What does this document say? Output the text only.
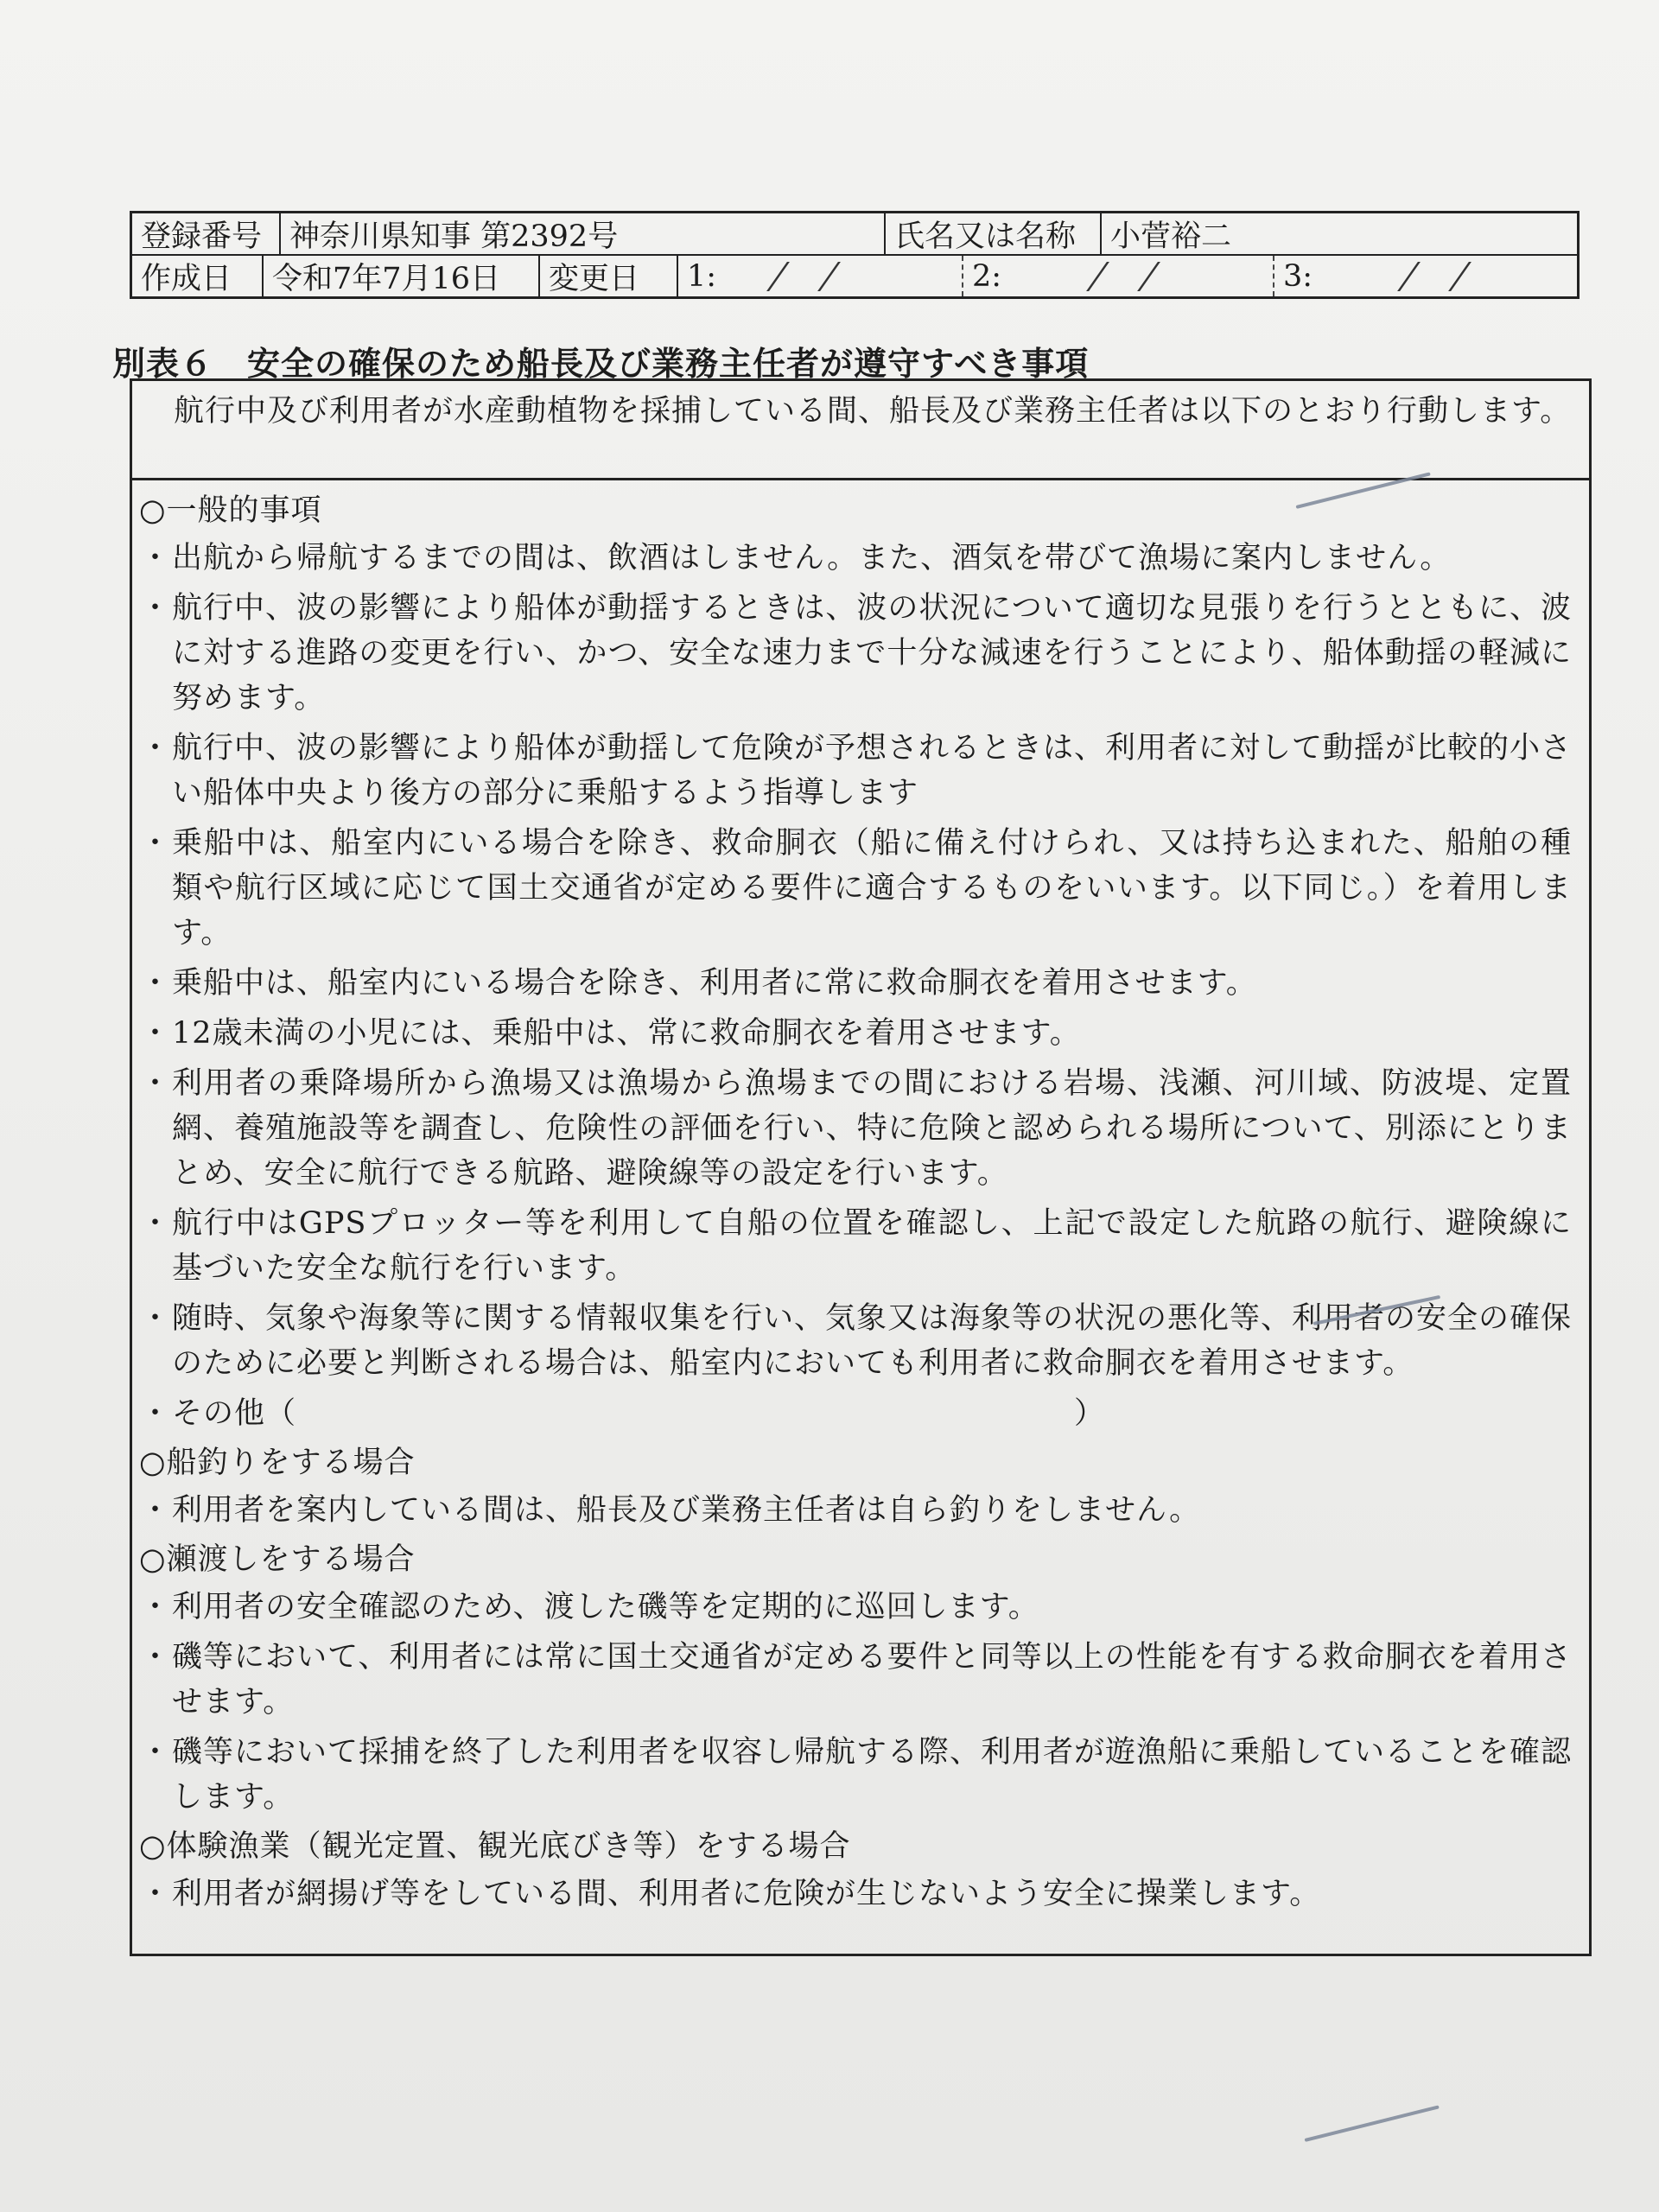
登録番号 神奈川県知事 第2392号	氏名又は名称	小菅裕二
作成日	令和7年7月16日	変更日	1:	2:	3:
別表６　安全の確保のため船長及び業務主任者が遵守すべき事項
航行中及び利用者が水産動植物を採捕している間、船長及び業務主任者は以下のとおり行動します。

○一般的事項

・ 出航から帰航するまでの間は、飲酒はしません。また、酒気を帯びて漁場に案内しません。
・ 航行中、波の影響により船体が動揺するときは、波の状況について適切な見張りを行うとともに、波に対する進路の変更を行い、かつ、安全な速力まで十分な減速を行うことにより、船体動揺の軽減に努めます。
・ 航行中、波の影響により船体が動揺して危険が予想されるときは、利用者に対して動揺が比較的小さい船体中央より後方の部分に乗船するよう指導します
・ 乗船中は、船室内にいる場合を除き、救命胴衣（船に備え付けられ、又は持ち込まれた、船舶の種類や航行区域に応じて国土交通省が定める要件に適合するものをいいます。以下同じ。）を着用します。
・ 乗船中は、船室内にいる場合を除き、利用者に常に救命胴衣を着用させます。
・ 12歳未満の小児には、乗船中は、常に救命胴衣を着用させます。
・ 利用者の乗降場所から漁場又は漁場から漁場までの間における岩場、浅瀬、河川域、防波堤、定置網、養殖施設等を調査し、危険性の評価を行い、特に危険と認められる場所について、別添にとりまとめ、安全に航行できる航路、避険線等の設定を行います。
・ 航行中はGPSプロッター等を利用して自船の位置を確認し、上記で設定した航路の航行、避険線に基づいた安全な航行を行います。
・ 随時、気象や海象等に関する情報収集を行い、気象又は海象等の状況の悪化等、利用者の安全の確保のために必要と判断される場合は、船室内においても利用者に救命胴衣を着用させます。
・ その他（	）

○船釣りをする場合

・ 利用者を案内している間は、船長及び業務主任者は自ら釣りをしません。

○瀬渡しをする場合

・ 利用者の安全確認のため、渡した磯等を定期的に巡回します。
・ 磯等において、利用者には常に国土交通省が定める要件と同等以上の性能を有する救命胴衣を着用させます。
・ 磯等において採捕を終了した利用者を収容し帰航する際、利用者が遊漁船に乗船していることを確認します。

○体験漁業（観光定置、観光底びき等）をする場合

・ 利用者が網揚げ等をしている間、利用者に危険が生じないよう安全に操業します。
